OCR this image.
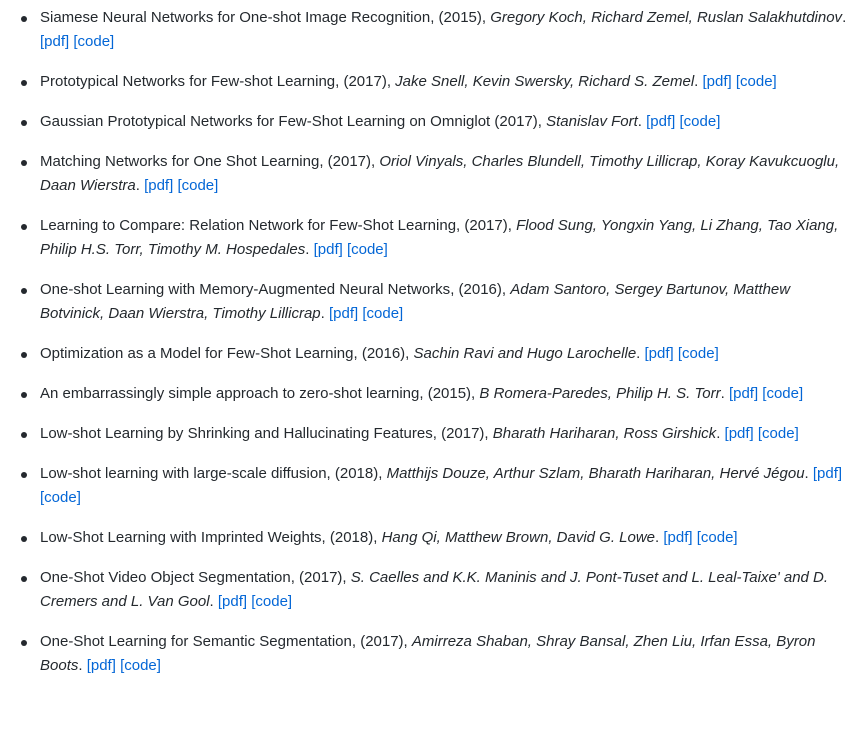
Siamese Neural Networks for One-shot Image Recognition, (2015), Gregory Koch, Richard Zemel, Ruslan Salakhutdinov. [pdf] [code]
Prototypical Networks for Few-shot Learning, (2017), Jake Snell, Kevin Swersky, Richard S. Zemel. [pdf] [code]
Gaussian Prototypical Networks for Few-Shot Learning on Omniglot (2017), Stanislav Fort. [pdf] [code]
Matching Networks for One Shot Learning, (2017), Oriol Vinyals, Charles Blundell, Timothy Lillicrap, Koray Kavukcuoglu, Daan Wierstra. [pdf] [code]
Learning to Compare: Relation Network for Few-Shot Learning, (2017), Flood Sung, Yongxin Yang, Li Zhang, Tao Xiang, Philip H.S. Torr, Timothy M. Hospedales. [pdf] [code]
One-shot Learning with Memory-Augmented Neural Networks, (2016), Adam Santoro, Sergey Bartunov, Matthew Botvinick, Daan Wierstra, Timothy Lillicrap. [pdf] [code]
Optimization as a Model for Few-Shot Learning, (2016), Sachin Ravi and Hugo Larochelle. [pdf] [code]
An embarrassingly simple approach to zero-shot learning, (2015), B Romera-Paredes, Philip H. S. Torr. [pdf] [code]
Low-shot Learning by Shrinking and Hallucinating Features, (2017), Bharath Hariharan, Ross Girshick. [pdf] [code]
Low-shot learning with large-scale diffusion, (2018), Matthijs Douze, Arthur Szlam, Bharath Hariharan, Hervé Jégou. [pdf] [code]
Low-Shot Learning with Imprinted Weights, (2018), Hang Qi, Matthew Brown, David G. Lowe. [pdf] [code]
One-Shot Video Object Segmentation, (2017), S. Caelles and K.K. Maninis and J. Pont-Tuset and L. Leal-Taixe' and D. Cremers and L. Van Gool. [pdf] [code]
One-Shot Learning for Semantic Segmentation, (2017), Amirreza Shaban, Shray Bansal, Zhen Liu, Irfan Essa, Byron Boots. [pdf] [code]
